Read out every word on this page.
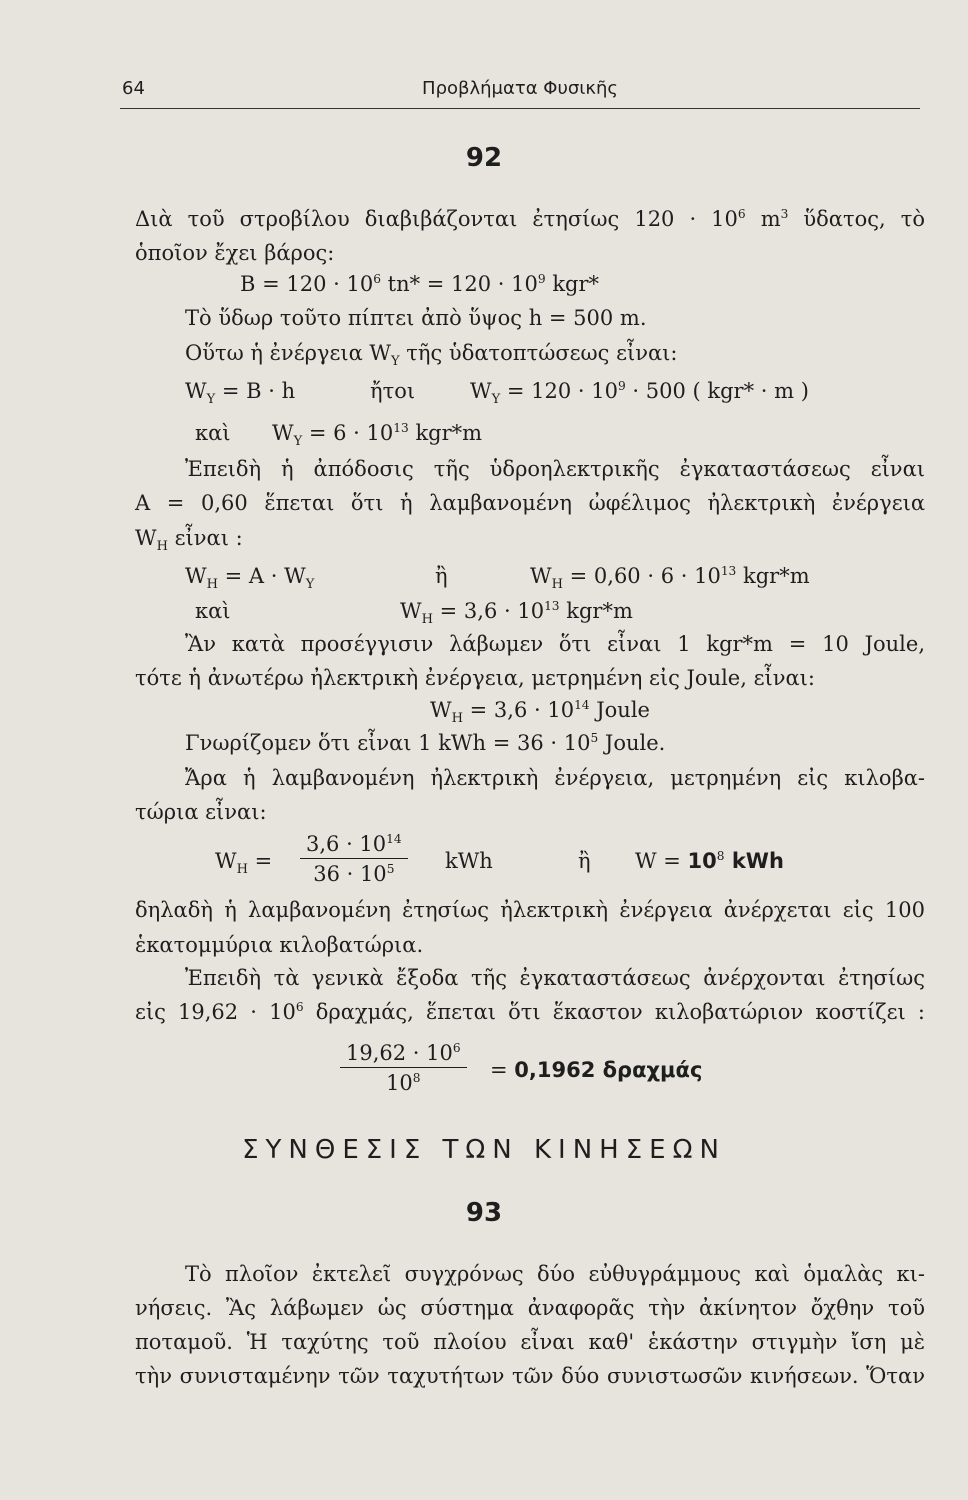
64	Προβλήματα Φυσικῆς
92
Διὰ τοῦ στροβίλου διαβιβάζονται ἐτησίως $120 \cdot 10^6$ $m^3$ ὕδατος, τὸ
ὁποῖον ἔχει βάρος:
$B = 120 \cdot 10^6$ $tn* = 120 \cdot 10^9$ kgr*
Τὸ ὕδωρ τοῦτο πίπτει ἀπὸ ὕψος h = 500 m.
Οὕτω ἡ ἐνέργεια $W_\Upsilon$ τῆς ὑδατοπτώσεως εἶναι:
$W_\Upsilon = B \cdot h$	ἤτοι	$W_\Upsilon = 120 \cdot 10^9 \cdot 500$ ( kgr* · m )
καὶ $W_\Upsilon = 6 \cdot 10^{13}$ kgr*m
Ἐπειδὴ ἡ ἀπόδοσις τῆς ὑδροηλεκτρικῆς ἐγκαταστάσεως εἶναι
A = 0,60 ἕπεται ὅτι ἡ λαμβανομένη ὠφέλιμος ἠλεκτρικὴ ἐνέργεια
$W_H$ εἶναι :
$W_H = A \cdot W_\Upsilon$	ἢ	$W_H = 0,60 \cdot 6 \cdot 10^{13}$ kgr*m
καὶ	$W_H = 3,6 \cdot 10^{13}$ kgr*m
Ἂν κατὰ προσέγγισιν λάβωμεν ὅτι εἶναι 1 kgr*m = 10 Joule,
τότε ἡ ἀνωτέρω ἠλεκτρικὴ ἐνέργεια, μετρημένη εἰς Joule, εἶναι:
$W_H = 3,6 \cdot 10^{14}$ Joule
Γνωρίζομεν ὅτι εἶναι 1 kWh = $36 \cdot 10^5$ Joule.
Ἄρα ἡ λαμβανομένη ἠλεκτρικὴ ἐνέργεια, μετρημένη εἰς κιλοβα-
τώρια εἶναι:
$W_H = \frac{3,6 \cdot 10^{14}}{36 \cdot 10^5}$ kWh	ἢ $W = 10^8$ kWh
δηλαδὴ ἡ λαμβανομένη ἐτησίως ἠλεκτρικὴ ἐνέργεια ἀνέρχεται εἰς 100
ἑκατομμύρια κιλοβατώρια.
Ἐπειδὴ τὰ γενικὰ ἔξοδα τῆς ἐγκαταστάσεως ἀνέρχονται ἐτησίως
εἰς $19,62 \cdot 10^6$ δραχμάς, ἕπεται ὅτι ἕκαστον κιλοβατώριον κοστίζει :
$\frac{19,62 \cdot 10^6}{10^8} = 0,1962$ δραχμάς
ΣΥΝΘΕΣΙΣ ΤΩΝ ΚΙΝΗΣΕΩΝ
93
Τὸ πλοῖον ἐκτελεῖ συγχρόνως δύο εὐθυγράμμους καὶ ὁμαλὰς κι-
νήσεις. Ἂς λάβωμεν ὡς σύστημα ἀναφορᾶς τὴν ἀκίνητον ὄχθην τοῦ
ποταμοῦ. Ἡ ταχύτης τοῦ πλοίου εἶναι καθ' ἑκάστην στιγμὴν ἴση μὲ
τὴν συνισταμένην τῶν ταχυτήτων τῶν δύο συνιστωσῶν κινήσεων. Ὅταν
